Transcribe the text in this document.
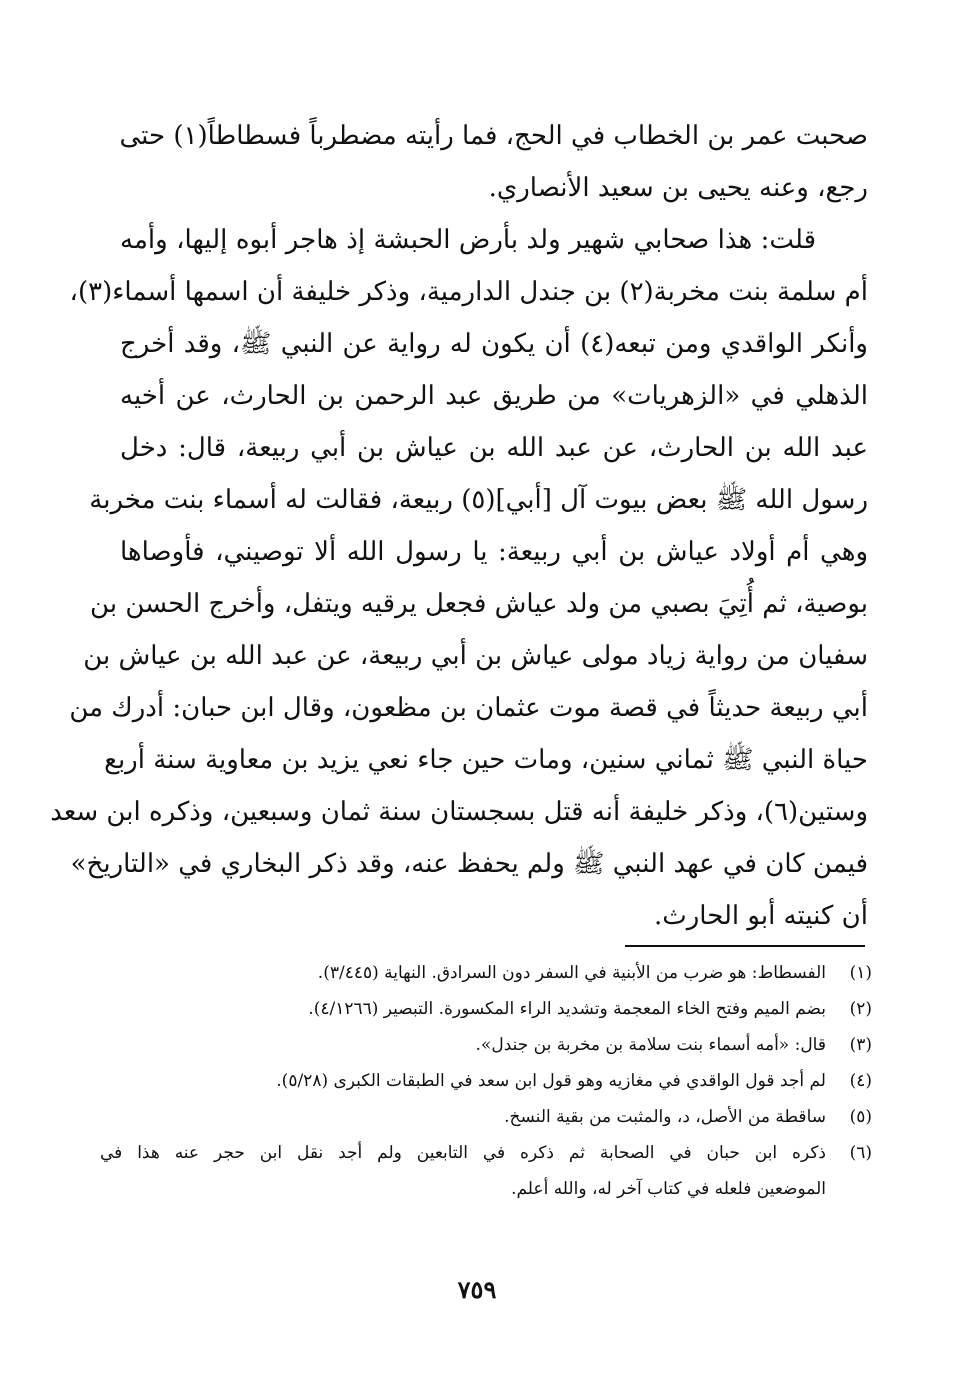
صحبت عمر بن الخطاب في الحج، فما رأيته مضطرباً فسطاطاً(١) حتى
رجع، وعنه يحيى بن سعيد الأنصاري.
قلت: هذا صحابي شهير ولد بأرض الحبشة إذ هاجر أبوه إليها، وأمه
أم سلمة بنت مخربة(٢) بن جندل الدارمية، وذكر خليفة أن اسمها أسماء(٣)،
وأنكر الواقدي ومن تبعه(٤) أن يكون له رواية عن النبي ﷺ، وقد أخرج
الذهلي في «الزهريات» من طريق عبد الرحمن بن الحارث، عن أخيه
عبد الله بن الحارث، عن عبد الله بن عياش بن أبي ربيعة، قال: دخل
رسول الله ﷺ بعض بيوت آل [أبي](٥) ربيعة، فقالت له أسماء بنت مخربة
وهي أم أولاد عياش بن أبي ربيعة: يا رسول الله ألا توصيني، فأوصاها
بوصية، ثم أُتِيَ بصبي من ولد عياش فجعل يرقيه ويتفل، وأخرج الحسن بن
سفيان من رواية زياد مولى عياش بن أبي ربيعة، عن عبد الله بن عياش بن
أبي ربيعة حديثاً في قصة موت عثمان بن مظعون، وقال ابن حبان: أدرك من
حياة النبي ﷺ ثماني سنين، ومات حين جاء نعي يزيد بن معاوية سنة أربع
وستين(٦)، وذكر خليفة أنه قتل بسجستان سنة ثمان وسبعين، وذكره ابن سعد
فيمن كان في عهد النبي ﷺ ولم يحفظ عنه، وقد ذكر البخاري في «التاريخ»
أن كنيته أبو الحارث.
(١)
الفسطاط: هو ضرب من الأبنية في السفر دون السرادق. النهاية (٣/٤٤٥).
(٢)
بضم الميم وفتح الخاء المعجمة وتشديد الراء المكسورة. التبصير (٤/١٢٦٦).
(٣)
قال: «أمه أسماء بنت سلامة بن مخربة بن جندل».
(٤)
لم أجد قول الواقدي في مغازيه وهو قول ابن سعد في الطبقات الكبرى (٥/٢٨).
(٥)
ساقطة من الأصل، د، والمثبت من بقية النسخ.
(٦)
ذكره ابن حبان في الصحابة ثم ذكره في التابعين ولم أجد نقل ابن حجر عنه هذا في
الموضعين فلعله في كتاب آخر له، والله أعلم.
٧٥٩
